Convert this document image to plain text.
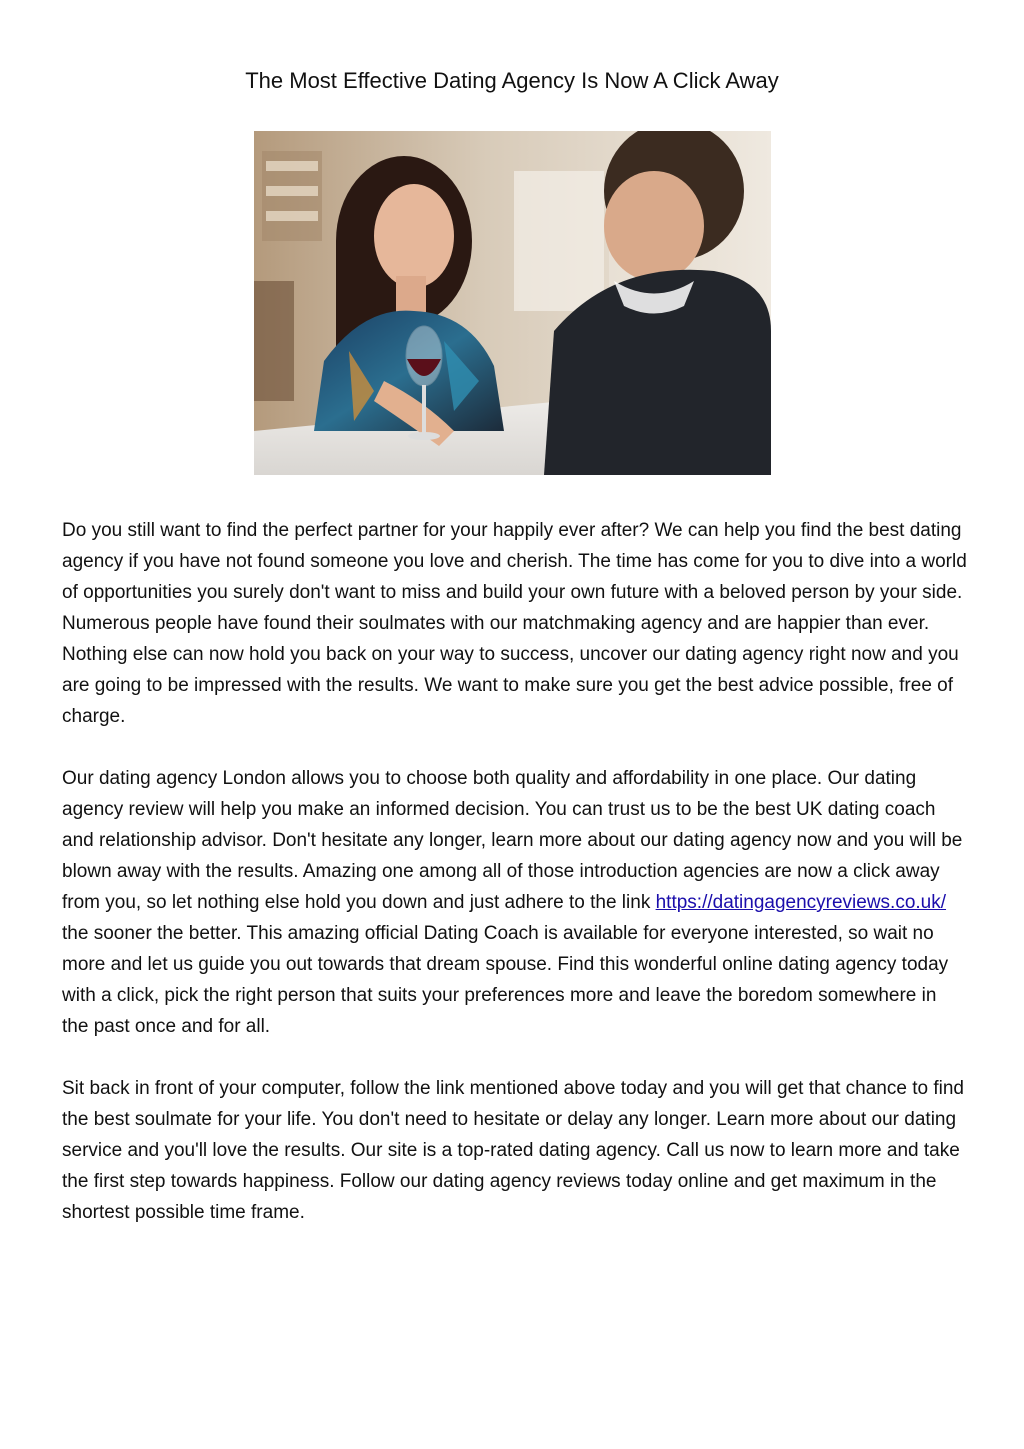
The Most Effective Dating Agency Is Now A Click Away

Do you still want to find the perfect partner for your happily ever after? We can help you find the best dating agency if you have not found someone you love and cherish. The time has come for you to dive into a world of opportunities you surely don't want to miss and build your own future with a beloved person by your side. Numerous people have found their soulmates with our matchmaking agency and are happier than ever. Nothing else can now hold you back on your way to success, uncover our dating agency right now and you are going to be impressed with the results. We want to make sure you get the best advice possible, free of charge.

Our dating agency London allows you to choose both quality and affordability in one place. Our dating agency review will help you make an informed decision. You can trust us to be the best UK dating coach and relationship advisor. Don't hesitate any longer, learn more about our dating agency now and you will be blown away with the results. Amazing one among all of those introduction agencies are now a click away from you, so let nothing else hold you down and just adhere to the link https://datingagencyreviews.co.uk/ the sooner the better. This amazing official Dating Coach is available for everyone interested, so wait no more and let us guide you out towards that dream spouse. Find this wonderful online dating agency today with a click, pick the right person that suits your preferences more and leave the boredom somewhere in the past once and for all.

Sit back in front of your computer, follow the link mentioned above today and you will get that chance to find the best soulmate for your life. You don't need to hesitate or delay any longer. Learn more about our dating service and you'll love the results. Our site is a top-rated dating agency. Call us now to learn more and take the first step towards happiness. Follow our dating agency reviews today online and get maximum in the shortest possible time frame.
